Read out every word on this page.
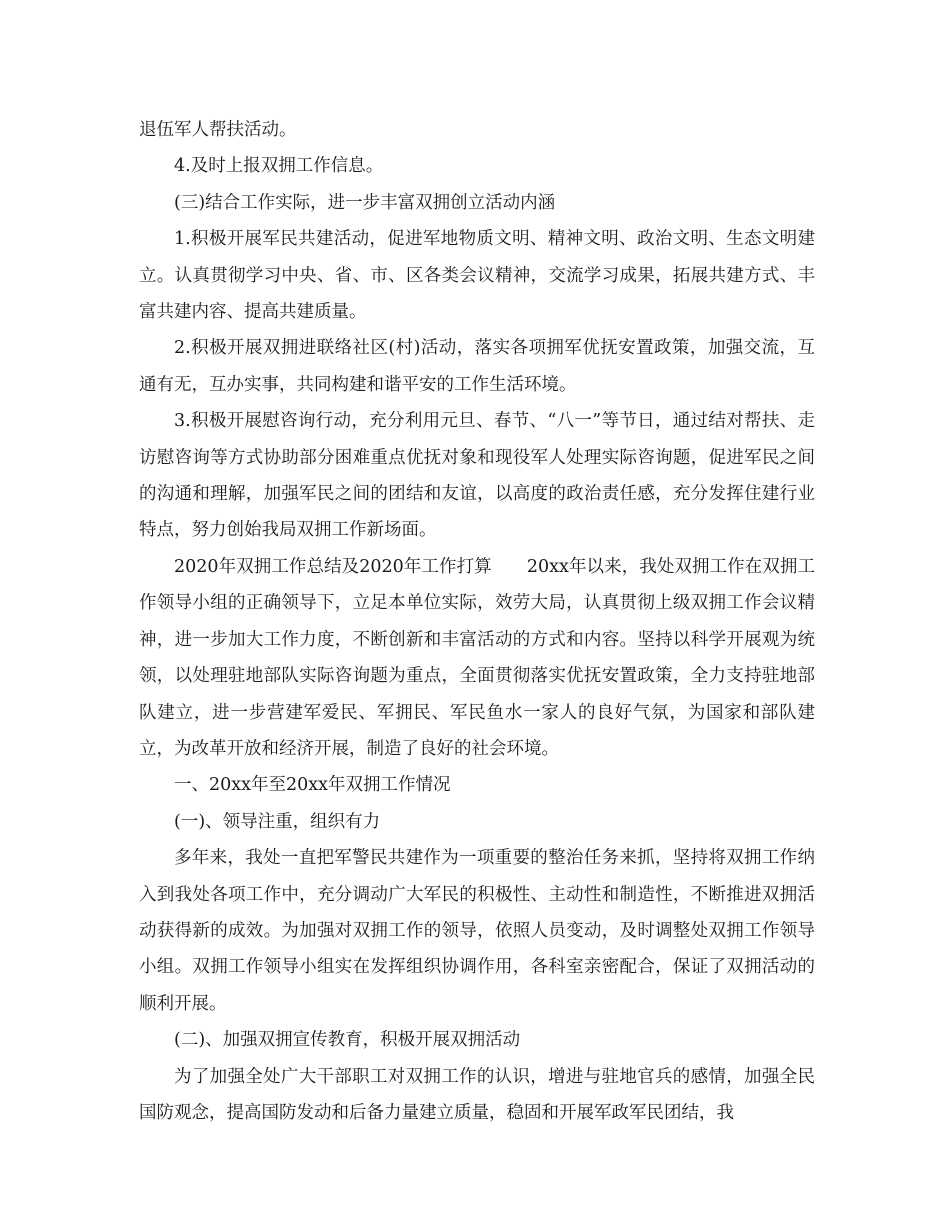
退伍军人帮扶活动。

4.及时上报双拥工作信息。

(三)结合工作实际，进一步丰富双拥创立活动内涵

1.积极开展军民共建活动，促进军地物质文明、精神文明、政治文明、生态文明建立。认真贯彻学习中央、省、市、区各类会议精神，交流学习成果，拓展共建方式、丰富共建内容、提高共建质量。

2.积极开展双拥进联络社区(村)活动，落实各项拥军优抚安置政策，加强交流，互通有无，互办实事，共同构建和谐平安的工作生活环境。

3.积极开展慰咨询行动，充分利用元旦、春节、“八一”等节日，通过结对帮扶、走访慰咨询等方式协助部分困难重点优抚对象和现役军人处理实际咨询题，促进军民之间的沟通和理解，加强军民之间的团结和友谊，以高度的政治责任感，充分发挥住建行业特点，努力创始我局双拥工作新场面。

2020年双拥工作总结及2020年工作打算　　20xx年以来，我处双拥工作在双拥工作领导小组的正确领导下，立足本单位实际，效劳大局，认真贯彻上级双拥工作会议精神，进一步加大工作力度，不断创新和丰富活动的方式和内容。坚持以科学开展观为统领，以处理驻地部队实际咨询题为重点，全面贯彻落实优抚安置政策，全力支持驻地部队建立，进一步营建军爱民、军拥民、军民鱼水一家人的良好气氛，为国家和部队建立，为改革开放和经济开展，制造了良好的社会环境。

一、20xx年至20xx年双拥工作情况

(一)、领导注重，组织有力

多年来，我处一直把军警民共建作为一项重要的整治任务来抓，坚持将双拥工作纳入到我处各项工作中，充分调动广大军民的积极性、主动性和制造性，不断推进双拥活动获得新的成效。为加强对双拥工作的领导，依照人员变动，及时调整处双拥工作领导小组。双拥工作领导小组实在发挥组织协调作用，各科室亲密配合，保证了双拥活动的顺利开展。

(二)、加强双拥宣传教育，积极开展双拥活动

为了加强全处广大干部职工对双拥工作的认识，增进与驻地官兵的感情，加强全民国防观念，提高国防发动和后备力量建立质量，稳固和开展军政军民团结，我
